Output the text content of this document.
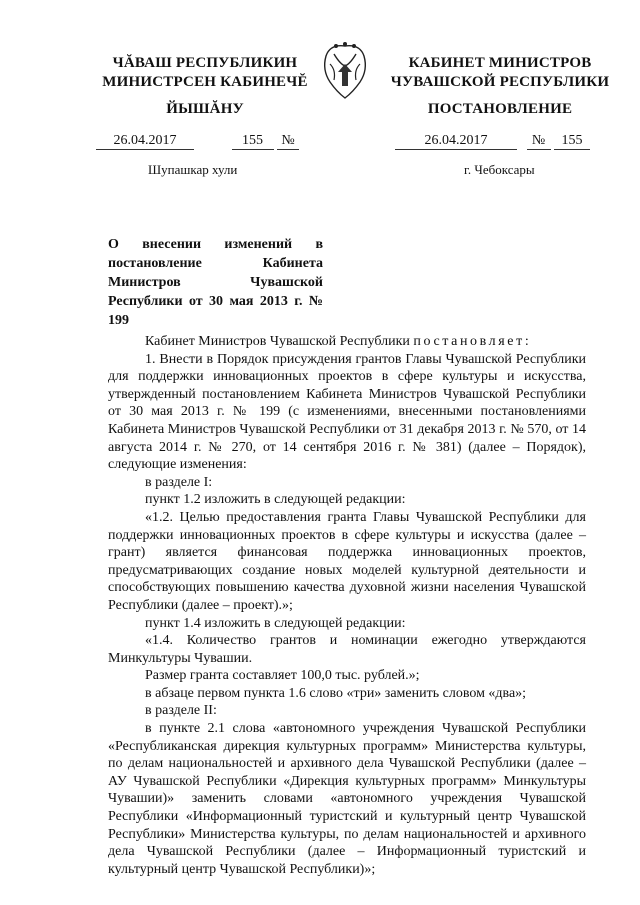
ЧĂВАШ РЕСПУБЛИКИН
МИНИСТРСЕН КАБИНЕЧĔ
ЙЫШĂНУ
КАБИНЕТ МИНИСТРОВ
ЧУВАШСКОЙ РЕСПУБЛИКИ
ПОСТАНОВЛЕНИЕ
26.04.2017	155 №	26.04.2017	№ 155
Шупашкар хули	г. Чебоксары
О внесении изменений в постановление Кабинета Министров Чувашской Республики от 30 мая 2013 г. № 199

Кабинет Министров Чувашской Республики постановляет:

1. Внести в Порядок присуждения грантов Главы Чувашской Республики для поддержки инновационных проектов в сфере культуры и искусства, утвержденный постановлением Кабинета Министров Чувашской Республики от 30 мая 2013 г. № 199 (с изменениями, внесенными постановлениями Кабинета Министров Чувашской Республики от 31 декабря 2013 г. № 570, от 14 августа 2014 г. № 270, от 14 сентября 2016 г. № 381) (далее – Порядок), следующие изменения:

в разделе I:

пункт 1.2 изложить в следующей редакции:

«1.2. Целью предоставления гранта Главы Чувашской Республики для поддержки инновационных проектов в сфере культуры и искусства (далее – грант) является финансовая поддержка инновационных проектов, предусматривающих создание новых моделей культурной деятельности и способствующих повышению качества духовной жизни населения Чувашской Республики (далее – проект).»;

пункт 1.4 изложить в следующей редакции:

«1.4. Количество грантов и номинации ежегодно утверждаются Минкультуры Чувашии.

Размер гранта составляет 100,0 тыс. рублей.»;

в абзаце первом пункта 1.6 слово «три» заменить словом «два»;

в разделе II:

в пункте 2.1 слова «автономного учреждения Чувашской Республики «Республиканская дирекция культурных программ» Министерства культуры, по делам национальностей и архивного дела Чувашской Республики (далее – АУ Чувашской Республики «Дирекция культурных программ» Минкультуры Чувашии)» заменить словами «автономного учреждения Чувашской Республики «Информационный туристский и культурный центр Чувашской Республики» Министерства культуры, по делам национальностей и архивного дела Чувашской Республики (далее – Информационный туристский и культурный центр Чувашской Республики)»;
